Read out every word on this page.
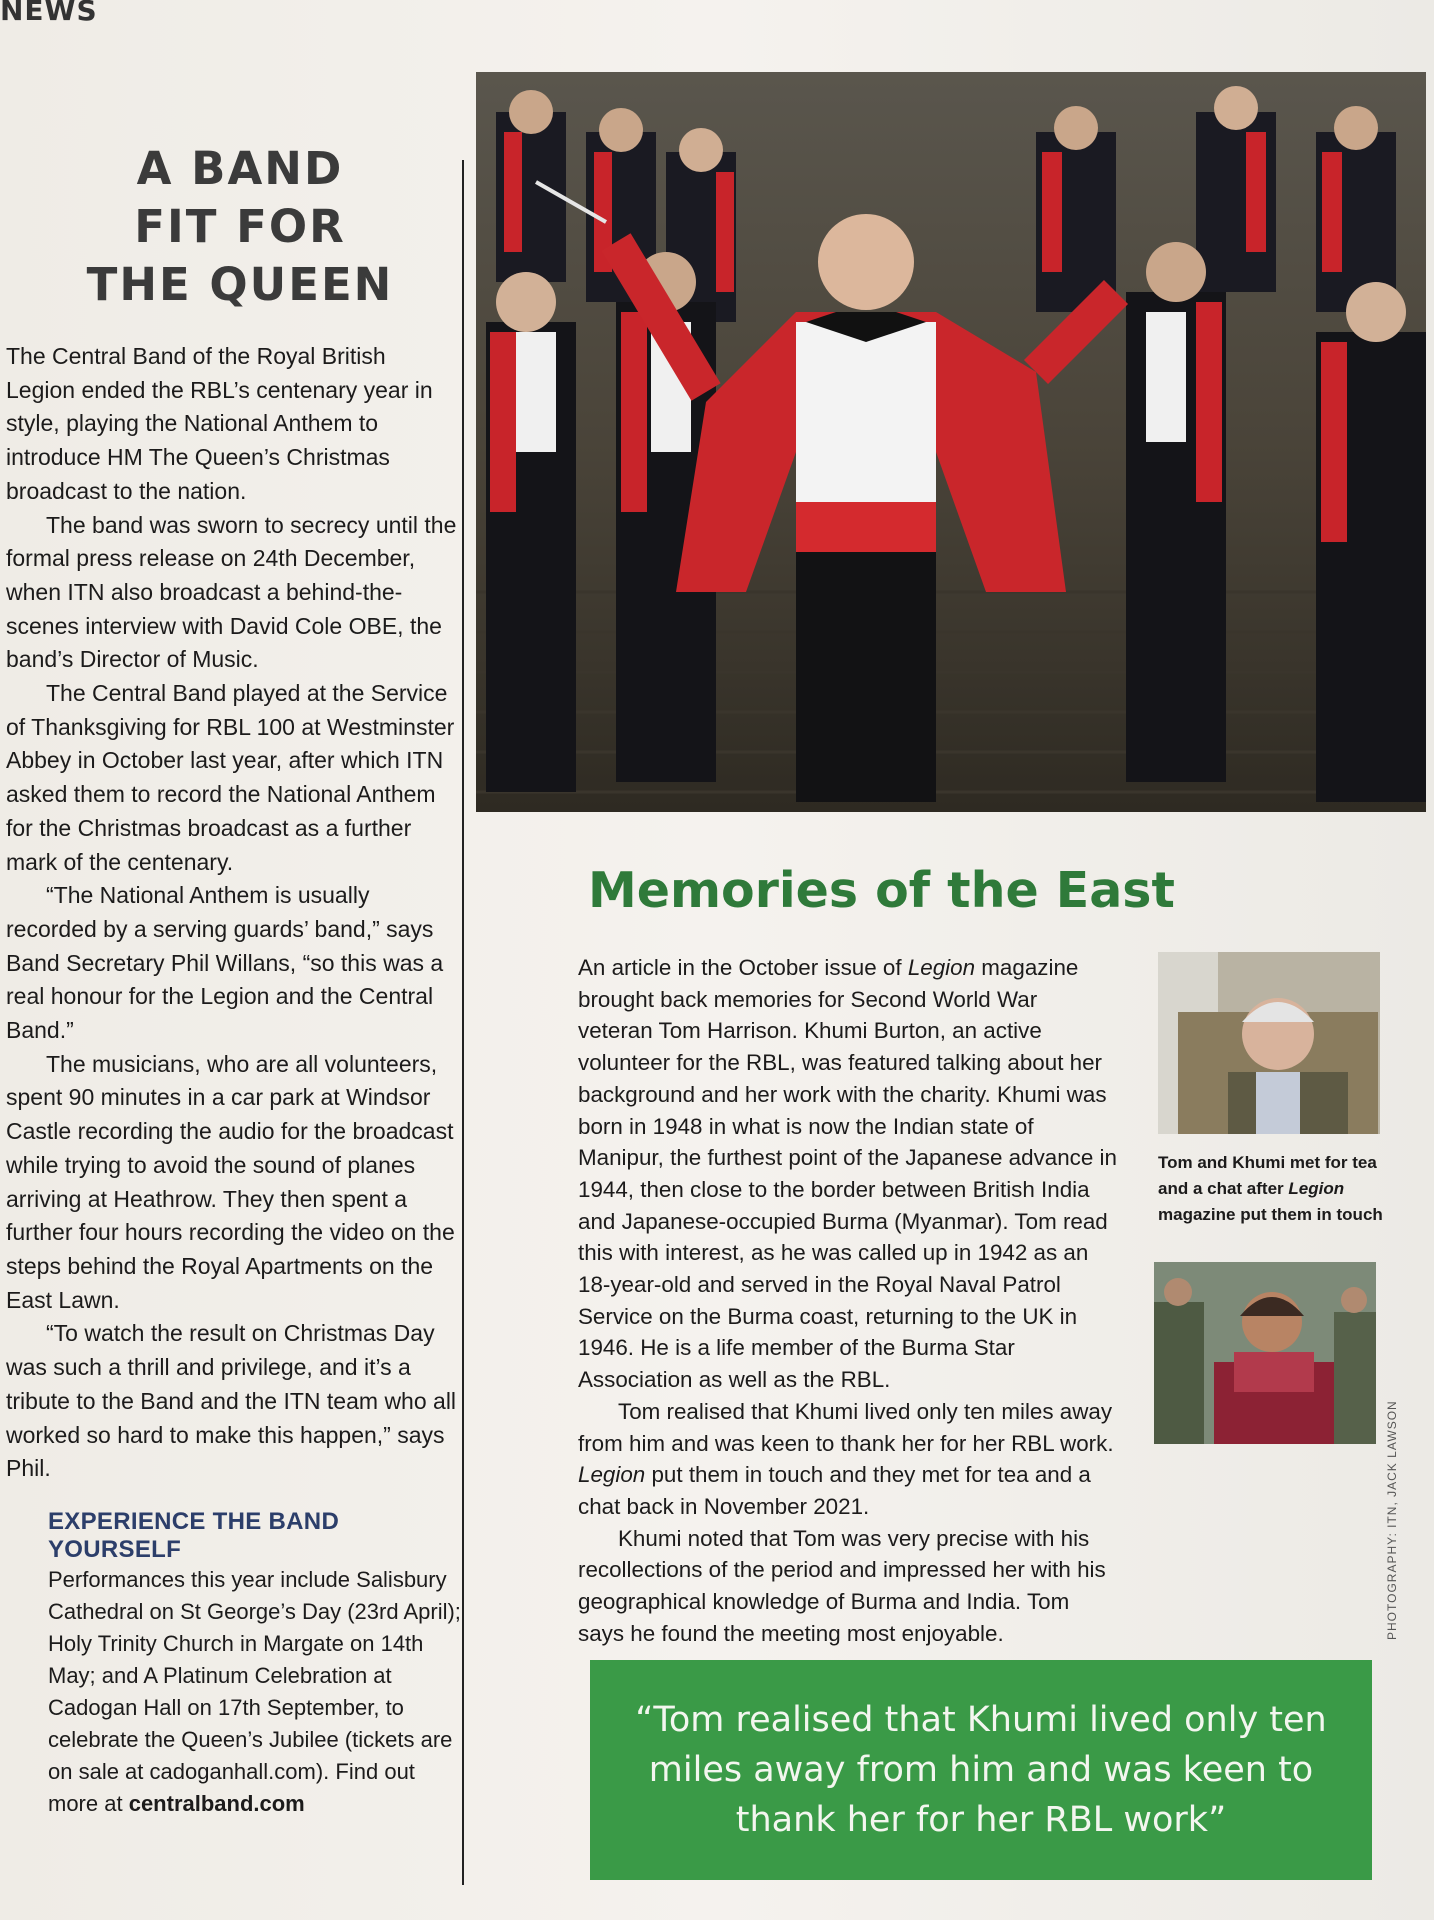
NEWS
A BAND
FIT FOR
THE QUEEN

The Central Band of the Royal British Legion ended the RBL’s centenary year in style, playing the National Anthem to introduce HM The Queen’s Christmas broadcast to the nation.

The band was sworn to secrecy until the formal press release on 24th December, when ITN also broadcast a behind-the-scenes interview with David Cole OBE, the band’s Director of Music.

The Central Band played at the Service of Thanksgiving for RBL 100 at Westminster Abbey in October last year, after which ITN asked them to record the National Anthem for the Christmas broadcast as a further mark of the centenary.

“The National Anthem is usually recorded by a serving guards’ band,” says Band Secretary Phil Willans, “so this was a real honour for the Legion and the Central Band.”

The musicians, who are all volunteers, spent 90 minutes in a car park at Windsor Castle recording the audio for the broadcast while trying to avoid the sound of planes arriving at Heathrow. They then spent a further four hours recording the video on the steps behind the Royal Apartments on the East Lawn.

“To watch the result on Christmas Day was such a thrill and privilege, and it’s a tribute to the Band and the ITN team who all worked so hard to make this happen,” says Phil.

EXPERIENCE THE BAND YOURSELF
Performances this year include Salisbury Cathedral on St George’s Day (23rd April); Holy Trinity Church in Margate on 14th May; and A Platinum Celebration at Cadogan Hall on 17th September, to celebrate the Queen’s Jubilee (tickets are on sale at cadoganhall.com). Find out more at centralband.com
Memories of the East

An article in the October issue of Legion magazine brought back memories for Second World War veteran Tom Harrison. Khumi Burton, an active volunteer for the RBL, was featured talking about her background and her work with the charity. Khumi was born in 1948 in what is now the Indian state of Manipur, the furthest point of the Japanese advance in 1944, then close to the border between British India and Japanese-occupied Burma (Myanmar). Tom read this with interest, as he was called up in 1942 as an 18-year-old and served in the Royal Naval Patrol Service on the Burma coast, returning to the UK in 1946. He is a life member of the Burma Star Association as well as the RBL.

Tom realised that Khumi lived only ten miles away from him and was keen to thank her for her RBL work. Legion put them in touch and they met for tea and a chat back in November 2021.

Khumi noted that Tom was very precise with his recollections of the period and impressed her with his geographical knowledge of Burma and India. Tom says he found the meeting most enjoyable.

Tom and Khumi met for tea and a chat after Legion magazine put them in touch
“Tom realised that Khumi lived only ten miles away from him and was keen to thank her for her RBL work”
PHOTOGRAPHY: ITN, JACK LAWSON
